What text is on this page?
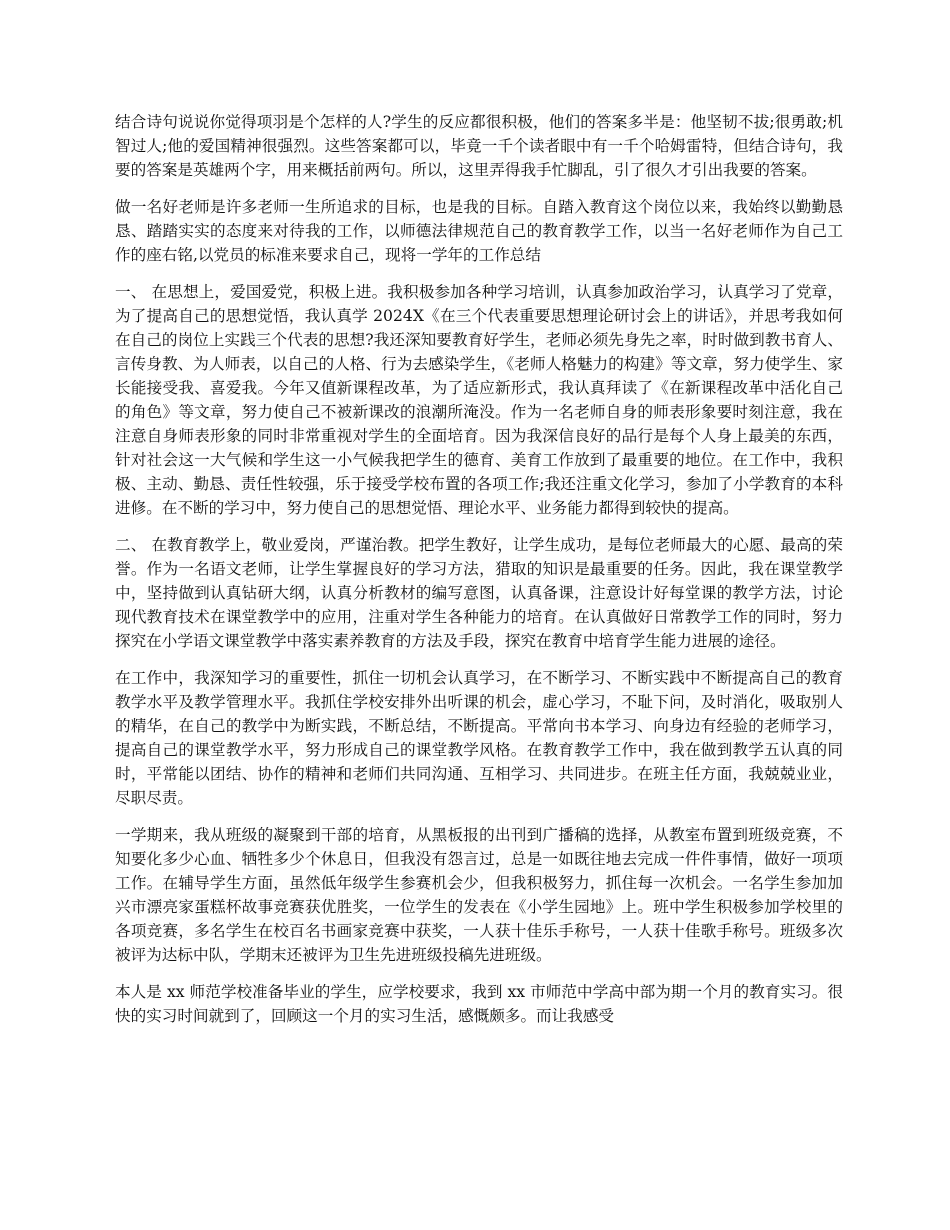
结合诗句说说你觉得项羽是个怎样的人?学生的反应都很积极，他们的答案多半是：他坚韧不拔;很勇敢;机智过人;他的爱国精神很强烈。这些答案都可以，毕竟一千个读者眼中有一千个哈姆雷特，但结合诗句，我要的答案是英雄两个字，用来概括前两句。所以，这里弄得我手忙脚乱，引了很久才引出我要的答案。

做一名好老师是许多老师一生所追求的目标，也是我的目标。自踏入教育这个岗位以来，我始终以勤勤恳恳、踏踏实实的态度来对待我的工作，以师德法律规范自己的教育教学工作，以当一名好老师作为自己工作的座右铭,以党员的标准来要求自己，现将一学年的工作总结

一、 在思想上，爱国爱党，积极上进。我积极参加各种学习培训，认真参加政治学习，认真学习了党章，为了提高自己的思想觉悟，我认真学 2024X《在三个代表重要思想理论研讨会上的讲话》，并思考我如何在自己的岗位上实践三个代表的思想?我还深知要教育好学生，老师必须先身先之率，时时做到教书育人、言传身教、为人师表，以自己的人格、行为去感染学生，《老师人格魅力的构建》等文章，努力使学生、家长能接受我、喜爱我。今年又值新课程改革，为了适应新形式，我认真拜读了《在新课程改革中活化自己的角色》等文章，努力使自己不被新课改的浪潮所淹没。作为一名老师自身的师表形象要时刻注意，我在注意自身师表形象的同时非常重视对学生的全面培育。因为我深信良好的品行是每个人身上最美的东西，针对社会这一大气候和学生这一小气候我把学生的德育、美育工作放到了最重要的地位。在工作中，我积极、主动、勤恳、责任性较强，乐于接受学校布置的各项工作;我还注重文化学习，参加了小学教育的本科进修。在不断的学习中，努力使自己的思想觉悟、理论水平、业务能力都得到较快的提高。

二、 在教育教学上，敬业爱岗，严谨治教。把学生教好，让学生成功，是每位老师最大的心愿、最高的荣誉。作为一名语文老师，让学生掌握良好的学习方法，猎取的知识是最重要的任务。因此，我在课堂教学中，坚持做到认真钻研大纲，认真分析教材的编写意图，认真备课，注意设计好每堂课的教学方法，讨论现代教育技术在课堂教学中的应用，注重对学生各种能力的培育。在认真做好日常教学工作的同时，努力探究在小学语文课堂教学中落实素养教育的方法及手段，探究在教育中培育学生能力进展的途径。

在工作中，我深知学习的重要性，抓住一切机会认真学习，在不断学习、不断实践中不断提高自己的教育教学水平及教学管理水平。我抓住学校安排外出听课的机会，虚心学习，不耻下问，及时消化，吸取别人的精华，在自己的教学中为断实践，不断总结，不断提高。平常向书本学习、向身边有经验的老师学习，提高自己的课堂教学水平，努力形成自己的课堂教学风格。在教育教学工作中，我在做到教学五认真的同时，平常能以团结、协作的精神和老师们共同沟通、互相学习、共同进步。在班主任方面，我兢兢业业，尽职尽责。

一学期来，我从班级的凝聚到干部的培育，从黑板报的出刊到广播稿的选择，从教室布置到班级竞赛，不知要化多少心血、牺牲多少个休息日，但我没有怨言过，总是一如既往地去完成一件件事情，做好一项项工作。在辅导学生方面，虽然低年级学生参赛机会少，但我积极努力，抓住每一次机会。一名学生参加加兴市漂亮家蛋糕杯故事竞赛获优胜奖，一位学生的发表在《小学生园地》上。班中学生积极参加学校里的各项竞赛，多名学生在校百名书画家竞赛中获奖，一人获十佳乐手称号，一人获十佳歌手称号。班级多次被评为达标中队，学期末还被评为卫生先进班级投稿先进班级。

本人是 xx 师范学校准备毕业的学生，应学校要求，我到 xx 市师范中学高中部为期一个月的教育实习。很快的实习时间就到了，回顾这一个月的实习生活，感慨颇多。而让我感受
